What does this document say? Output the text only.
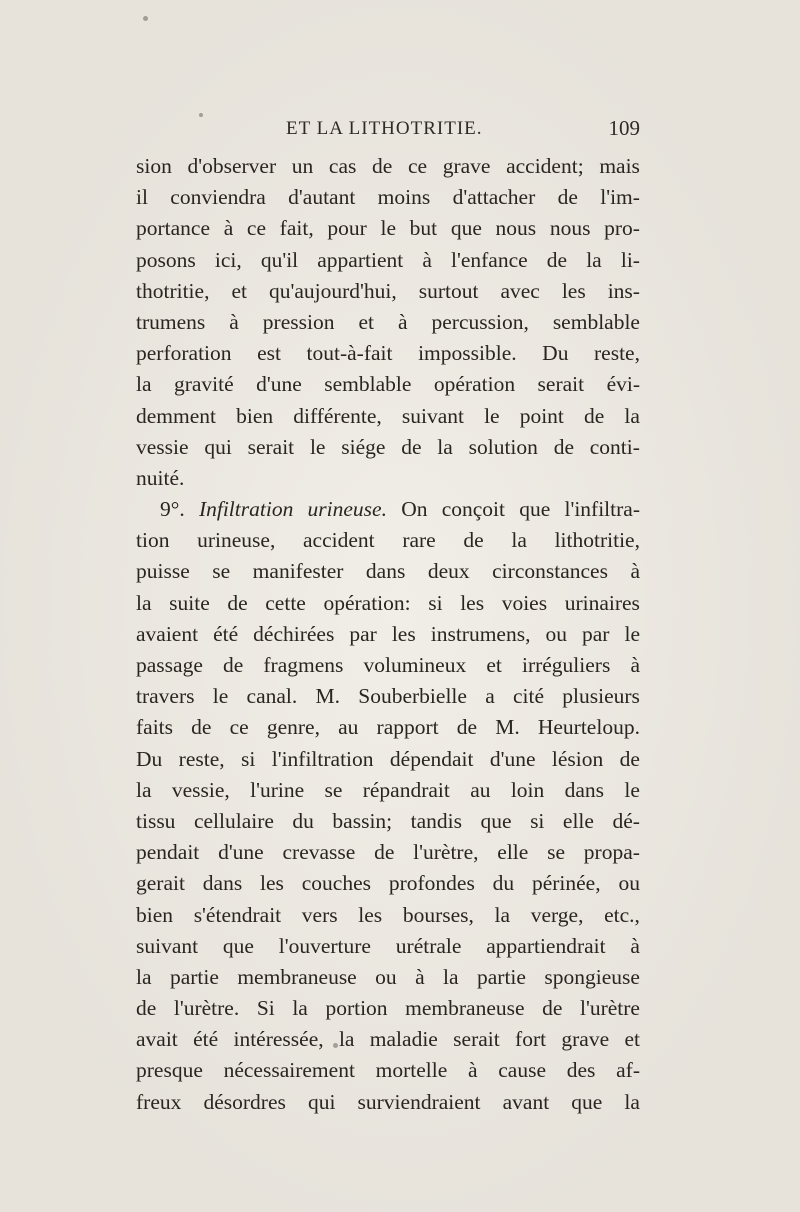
ET LA LITHOTRITIE.	109
sion d'observer un cas de ce grave accident; mais
il conviendra d'autant moins d'attacher de l'im-
portance à ce fait, pour le but que nous nous pro-
posons ici, qu'il appartient à l'enfance de la li-
thotritie, et qu'aujourd'hui, surtout avec les ins-
trumens à pression et à percussion, semblable
perforation est tout-à-fait impossible. Du reste,
la gravité d'une semblable opération serait évi-
demment bien différente, suivant le point de la
vessie qui serait le siége de la solution de conti-
nuité.
9°. Infiltration urineuse. On conçoit que l'infiltra-
tion urineuse, accident rare de la lithotritie,
puisse se manifester dans deux circonstances à
la suite de cette opération: si les voies urinaires
avaient été déchirées par les instrumens, ou par le
passage de fragmens volumineux et irréguliers à
travers le canal. M. Souberbielle a cité plusieurs
faits de ce genre, au rapport de M. Heurteloup.
Du reste, si l'infiltration dépendait d'une lésion de
la vessie, l'urine se répandrait au loin dans le
tissu cellulaire du bassin; tandis que si elle dé-
pendait d'une crevasse de l'urètre, elle se propa-
gerait dans les couches profondes du périnée, ou
bien s'étendrait vers les bourses, la verge, etc.,
suivant que l'ouverture urétrale appartiendrait à
la partie membraneuse ou à la partie spongieuse
de l'urètre. Si la portion membraneuse de l'urètre
avait été intéressée, la maladie serait fort grave et
presque nécessairement mortelle à cause des af-
freux désordres qui surviendraient avant que la
